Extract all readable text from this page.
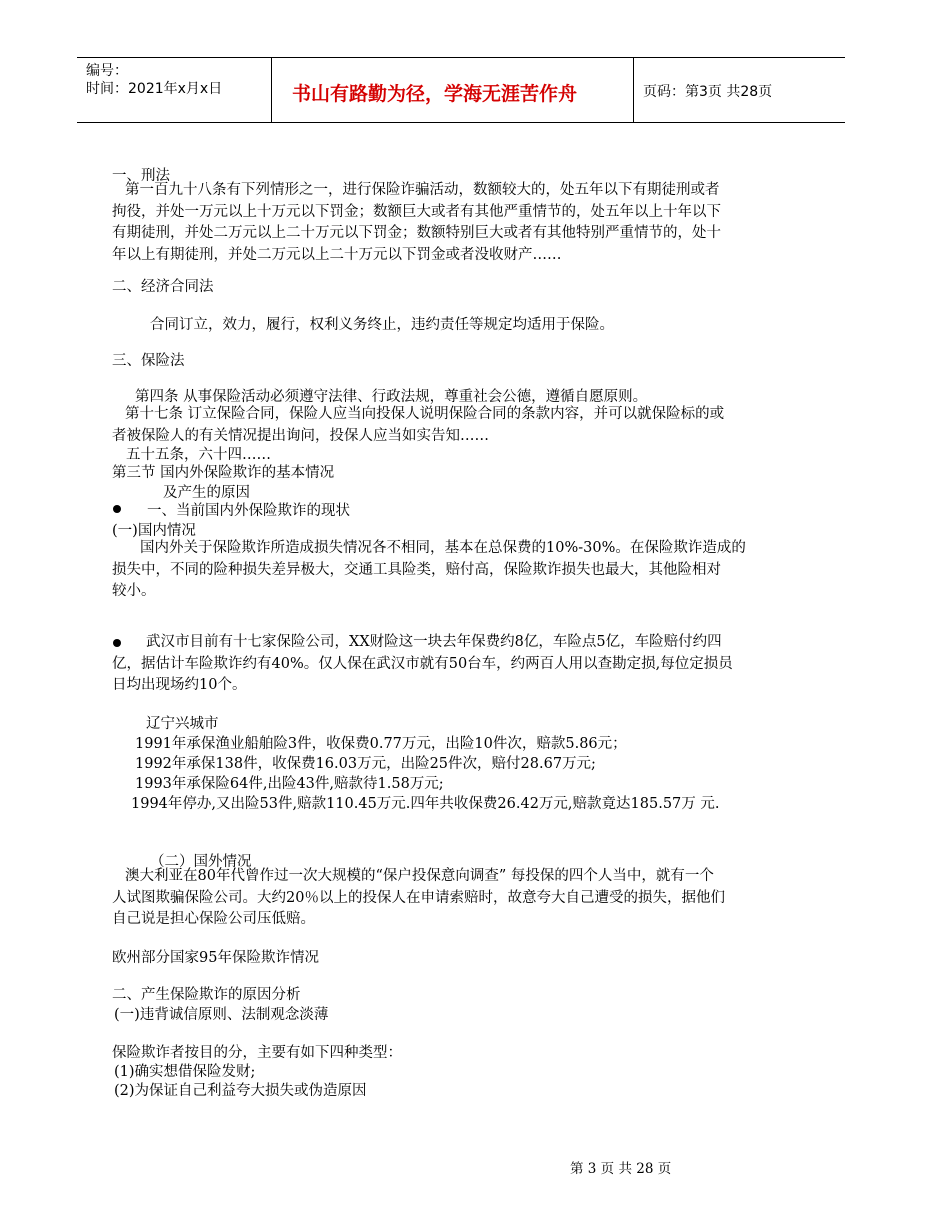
编号：
时间：2021年x月x日	书山有路勤为径，学海无涯苦作舟	页码：第3页 共28页
一、刑法
第一百九十八条有下列情形之一，进行保险诈骗活动，数额较大的，处五年以下有期徒刑或者
拘役，并处一万元以上十万元以下罚金；数额巨大或者有其他严重情节的，处五年以上十年以下
有期徒刑，并处二万元以上二十万元以下罚金；数额特别巨大或者有其他特别严重情节的，处十
年以上有期徒刑，并处二万元以上二十万元以下罚金或者没收财产……
二、经济合同法
合同订立，效力，履行，权利义务终止，违约责任等规定均适用于保险。
三、保险法
第四条 从事保险活动必须遵守法律、行政法规，尊重社会公德，遵循自愿原则。
第十七条 订立保险合同，保险人应当向投保人说明保险合同的条款内容，并可以就保险标的或
者被保险人的有关情况提出询问，投保人应当如实告知……
五十五条，六十四……
第三节 国内外保险欺诈的基本情况
及产生的原因
一、当前国内外保险欺诈的现状
(一)国内情况
国内外关于保险欺诈所造成损失情况各不相同，基本在总保费的10%-30%。在保险欺诈造成的
损失中，不同的险种损失差异极大，交通工具险类，赔付高，保险欺诈损失也最大，其他险相对
较小。
武汉市目前有十七家保险公司，XX财险这一块去年保费约8亿，车险点5亿，车险赔付约四
亿，据估计车险欺诈约有40%。仅人保在武汉市就有50台车，约两百人用以查勘定损,每位定损员
日均出现场约10个。
辽宁兴城市
1991年承保渔业船舶险3件，收保费0.77万元，出险10件次，赔款5.86元；
1992年承保138件，收保费16.03万元，出险25件次，赔付28.67万元;
1993年承保险64件,出险43件,赔款待1.58万元;
1994年停办,又出险53件,赔款110.45万元.四年共收保费26.42万元,赔款竟达185.57万 元.
（二）国外情况
澳大利亚在80年代曾作过一次大规模的“保户投保意向调查” 每投保的四个人当中，就有一个
人试图欺骗保险公司。大约20％以上的投保人在申请索赔时，故意夸大自己遭受的损失，据他们
自己说是担心保险公司压低赔。
欧州部分国家95年保险欺诈情况
二、产生保险欺诈的原因分析
(一)违背诚信原则、法制观念淡薄
保险欺诈者按目的分，主要有如下四种类型：
(1)确实想借保险发财;
(2)为保证自己利益夸大损失或伪造原因
第 3 页 共 28 页
